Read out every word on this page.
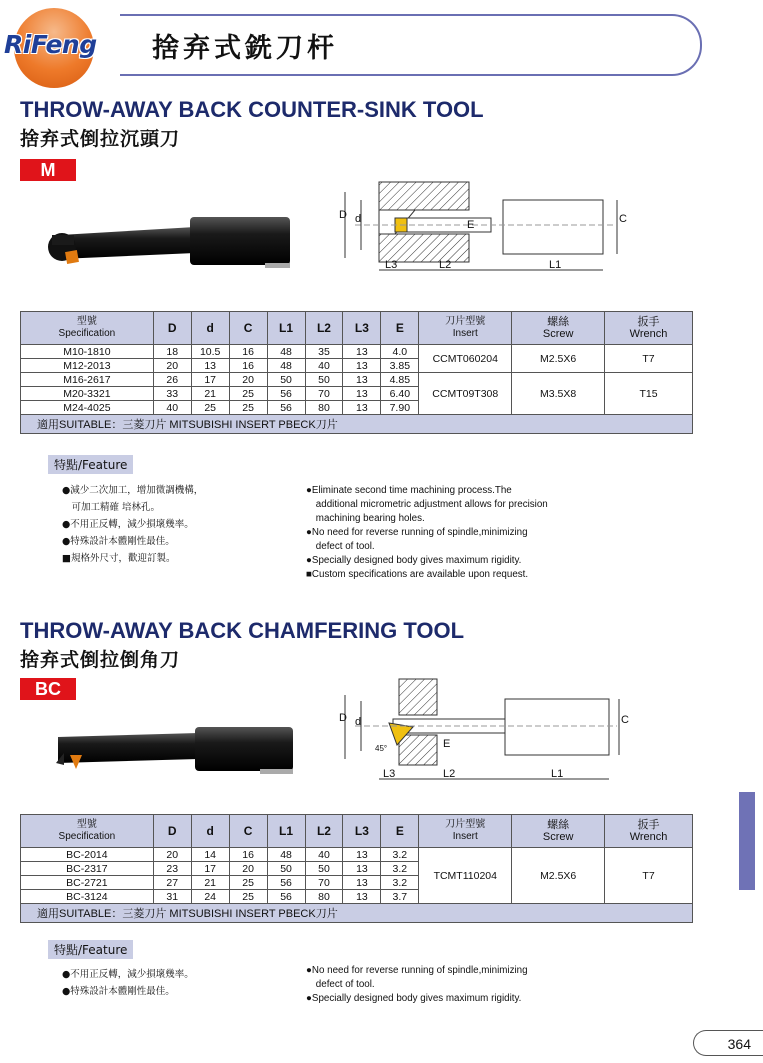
RiFeng 捨弃式銑刀杆
THROW-AWAY BACK COUNTER-SINK TOOL
捨弃式倒拉沉頭刀
M
D d	C
E
L3	L2	L1
型號
Specification	D	d	C	L1	L2	L3	E	刀片型號
Insert	螺絲
Screw	扳手
Wrench

M10-1810	18	10.5	16	48	35	13	4.0	CCMT060204	M2.5X6	T7
M12-2013	20	13	16	48	40	13	3.85			
M16-2617	26	17	20	50	50	13	4.85	CCMT09T308	M3.5X8	T15
M20-3321	33	21	25	56	70	13	6.40			
M24-4025	40	25	25	56	80	13	7.90			
適用SUITABLE：三菱刀片 MITSUBISHI INSERT PBECK刀片										
特點/Feature
●減少二次加工，增加微調機構，
　可加工精確 培林孔。
●不用正反轉，減少損壞幾率。
●特殊設計本體剛性最佳。
■規格外尺寸，歡迎訂製。
●Eliminate second time machining process.The
　additional micrometric adjustment allows for precision
　machining bearing holes.
●No need for reverse running of spindle,minimizing
　defect of tool.
●Specially designed body gives maximum rigidity.
■Custom specifications are available upon request.
THROW-AWAY BACK CHAMFERING TOOL
捨弃式倒拉倒角刀
BC
D d	C
E
45°
L3	L2	L1
型號
Specification	D	d	C	L1	L2	L3	E	刀片型號
Insert	螺絲
Screw	扳手
Wrench

BC-2014	20	14	16	48	40	13	3.2	TCMT110204	M2.5X6	T7
BC-2317	23	17	20	50	50	13	3.2			
BC-2721	27	21	25	56	70	13	3.2			
BC-3124	31	24	25	56	80	13	3.7			
適用SUITABLE：三菱刀片 MITSUBISHI INSERT PBECK刀片										
特點/Feature
●不用正反轉，減少損壞幾率。
●特殊設計本體剛性最佳。
●No need for reverse running of spindle,minimizing
　defect of tool.
●Specially designed body gives maximum rigidity.
364
